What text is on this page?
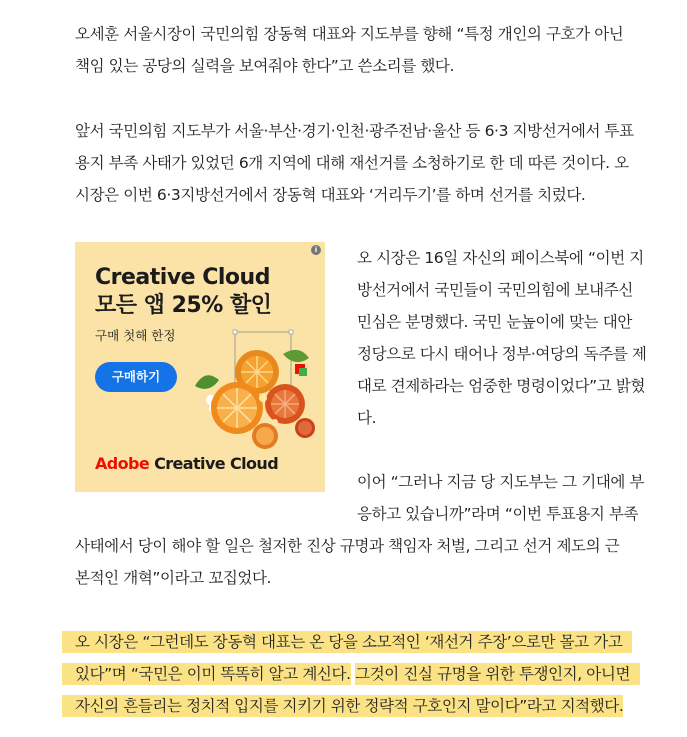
오세훈 서울시장이 국민의힘 장동혁 대표와 지도부를 향해 “특정 개인의 구호가 아닌
책임 있는 공당의 실력을 보여줘야 한다”고 쓴소리를 했다.

앞서 국민의힘 지도부가 서울·부산·경기·인천·광주전남·울산 등 6·3 지방선거에서 투표
용지 부족 사태가 있었던 6개 지역에 대해 재선거를 소청하기로 한 데 따른 것이다. 오
시장은 이번 6·3지방선거에서 장동혁 대표와 ‘거리두기’를 하며 선거를 치렀다.

i
Creative Cloud
모든 앱 25% 할인
구매 첫해 한정
구매하기
Adobe Creative Cloud

오 시장은 16일 자신의 페이스북에 “이번 지
방선거에서 국민들이 국민의힘에 보내주신
민심은 분명했다. 국민 눈높이에 맞는 대안
정당으로 다시 태어나 정부·여당의 독주를 제
대로 견제하라는 엄중한 명령이었다”고 밝혔
다.

이어 “그러나 지금 당 지도부는 그 기대에 부
응하고 있습니까”라며 “이번 투표용지 부족
사태에서 당이 해야 할 일은 철저한 진상 규명과 책임자 처벌, 그리고 선거 제도의 근
본적인 개혁”이라고 꼬집었다.

오 시장은 “그런데도 장동혁 대표는 온 당을 소모적인 ‘재선거 주장’으로만 몰고 가고
있다”며 “국민은 이미 똑똑히 알고 계신다. 그것이 진실 규명을 위한 투쟁인지, 아니면
자신의 흔들리는 정치적 입지를 지키기 위한 정략적 구호인지 말이다”라고 지적했다.
